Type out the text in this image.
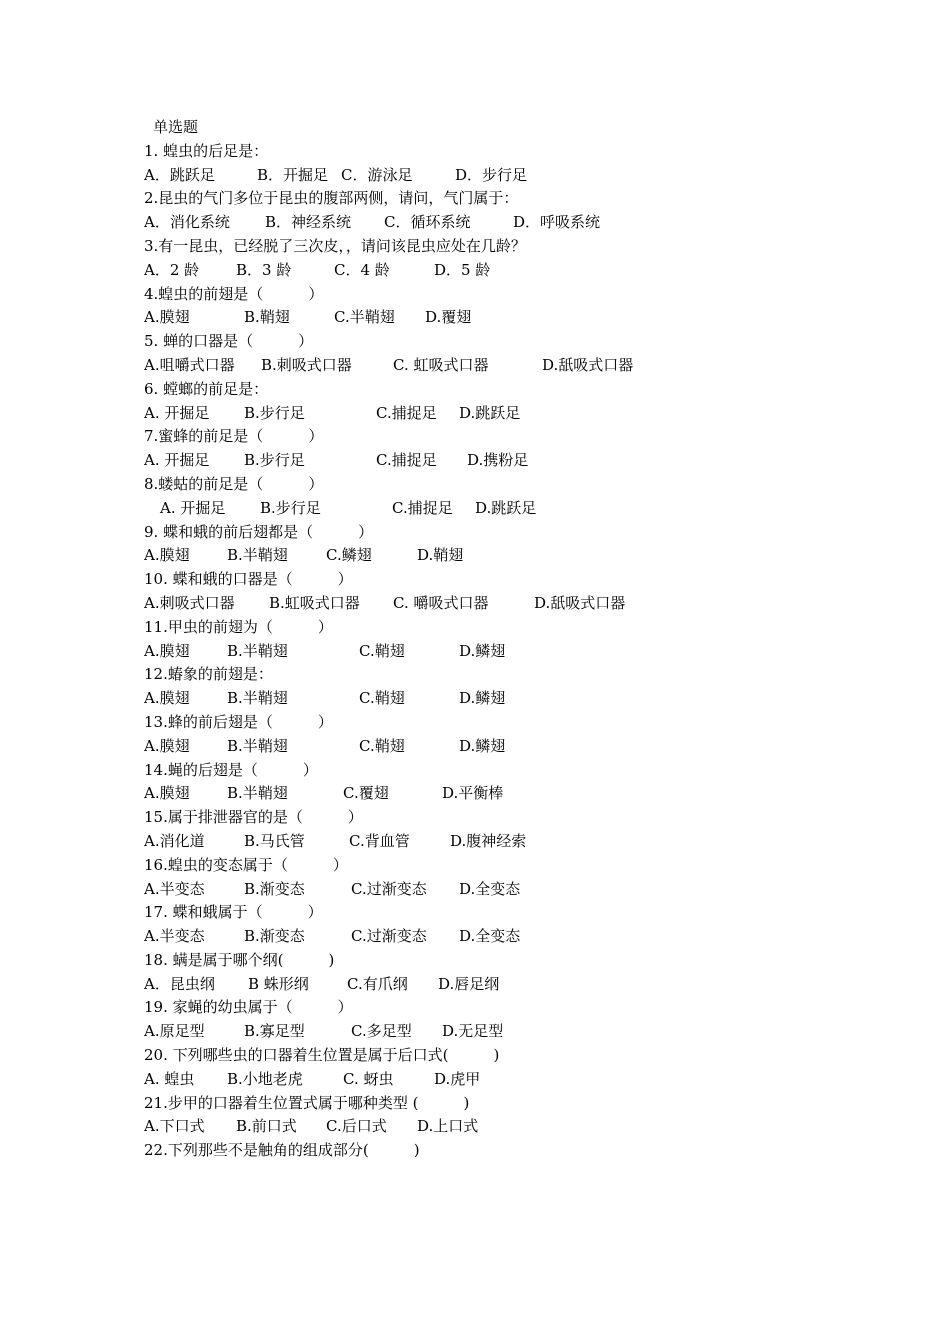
单选题
1. 蝗虫的后足是：
A．跳跃足	B．开掘足 C．游泳足	D．步行足
2.昆虫的气门多位于昆虫的腹部两侧，请问，气门属于：
A．消化系统 B．神经系统 C．循环系统	D．呼吸系统
3.有一昆虫，已经脱了三次皮，，请问该昆虫应处在几龄？
A．2 龄 B．3 龄	C．4 龄	D．5 龄
4.蝗虫的前翅是（　　　）
A.膜翅	B.鞘翅	C.半鞘翅 D.覆翅
5. 蝉的口器是（　　　）
A.咀嚼式口器 B.刺吸式口器	C. 虹吸式口器	D.舐吸式口器
6. 螳螂的前足是：
A. 开掘足 B.步行足	C.捕捉足 D.跳跃足
7.蜜蜂的前足是（　　　）
A. 开掘足 B.步行足	C.捕捉足 D.携粉足
8.蝼蛄的前足是（　　　）
A. 开掘足 B.步行足	C.捕捉足 D.跳跃足
9. 蝶和蛾的前后翅都是（　　　）
A.膜翅 B.半鞘翅	C.鳞翅	D.鞘翅
10. 蝶和蛾的口器是（　　　）
A.刺吸式口器 B.虹吸式口器 C. 嚼吸式口器	D.舐吸式口器
11.甲虫的前翅为（　　　）
A.膜翅 B.半鞘翅	C.鞘翅	D.鳞翅
12.蝽象的前翅是：
A.膜翅 B.半鞘翅	C.鞘翅	D.鳞翅
13.蜂的前后翅是（　　　）
A.膜翅 B.半鞘翅	C.鞘翅	D.鳞翅
14.蝇的后翅是（　　　）
A.膜翅 B.半鞘翅	C.覆翅	D.平衡棒
15.属于排泄器官的是（　　　）
A.消化道	B.马氏管	C.背血管	D.腹神经索
16.蝗虫的变态属于（　　　）
A.半变态	B.渐变态	C.过渐变态 D.全变态
17. 蝶和蛾属于（　　　）
A.半变态	B.渐变态	C.过渐变态 D.全变态
18. 螨是属于哪个纲(　　　)
A．昆虫纲 B 蛛形纲	C.有爪纲 D.唇足纲
19. 家蝇的幼虫属于（　　　）
A.原足型	B.寡足型	C.多足型 D.无足型
20. 下列哪些虫的口器着生位置是属于后口式(　　　)
A. 蝗虫 B.小地老虎	C. 蚜虫	D.虎甲
21.步甲的口器着生位置式属于哪种类型 (　　　)
A.下口式 B.前口式 C.后口式 D.上口式
22.下列那些不是触角的组成部分(　　　)
